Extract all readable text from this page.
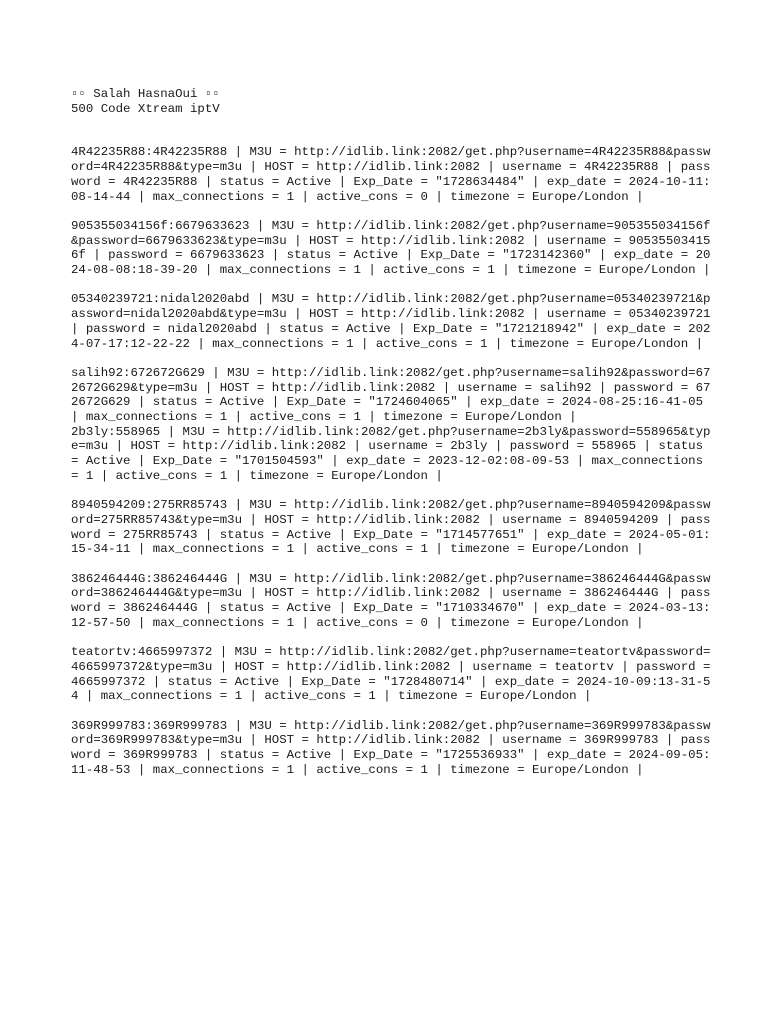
▫▫ Salah HasnaOui ▫▫
500 Code Xtream iptV

4R42235R88:4R42235R88 | M3U = http://idlib.link:2082/get.php?username=4R42235R88&password=4R42235R88&type=m3u | HOST = http://idlib.link:2082 | username = 4R42235R88 | password = 4R42235R88 | status = Active | Exp_Date = "1728634484" | exp_date = 2024-10-11:08-14-44 | max_connections = 1 | active_cons = 0 | timezone = Europe/London |

905355034156f:6679633623 | M3U = http://idlib.link:2082/get.php?username=905355034156f&password=6679633623&type=m3u | HOST = http://idlib.link:2082 | username = 905355034156f | password = 6679633623 | status = Active | Exp_Date = "1723142360" | exp_date = 2024-08-08:18-39-20 | max_connections = 1 | active_cons = 1 | timezone = Europe/London |

05340239721:nidal2020abd | M3U = http://idlib.link:2082/get.php?username=05340239721&password=nidal2020abd&type=m3u | HOST = http://idlib.link:2082 | username = 05340239721 | password = nidal2020abd | status = Active | Exp_Date = "1721218942" | exp_date = 2024-07-17:12-22-22 | max_connections = 1 | active_cons = 1 | timezone = Europe/London |

salih92:672672G629 | M3U = http://idlib.link:2082/get.php?username=salih92&password=672672G629&type=m3u | HOST = http://idlib.link:2082 | username = salih92 | password = 672672G629 | status = Active | Exp_Date = "1724604065" | exp_date = 2024-08-25:16-41-05 | max_connections = 1 | active_cons = 1 | timezone = Europe/London |

2b3ly:558965 | M3U = http://idlib.link:2082/get.php?username=2b3ly&password=558965&type=m3u | HOST = http://idlib.link:2082 | username = 2b3ly | password = 558965 | status = Active | Exp_Date = "1701504593" | exp_date = 2023-12-02:08-09-53 | max_connections = 1 | active_cons = 1 | timezone = Europe/London |

8940594209:275RR85743 | M3U = http://idlib.link:2082/get.php?username=8940594209&password=275RR85743&type=m3u | HOST = http://idlib.link:2082 | username = 8940594209 | password = 275RR85743 | status = Active | Exp_Date = "1714577651" | exp_date = 2024-05-01:15-34-11 | max_connections = 1 | active_cons = 1 | timezone = Europe/London |

386246444G:386246444G | M3U = http://idlib.link:2082/get.php?username=386246444G&password=386246444G&type=m3u | HOST = http://idlib.link:2082 | username = 386246444G | password = 386246444G | status = Active | Exp_Date = "1710334670" | exp_date = 2024-03-13:12-57-50 | max_connections = 1 | active_cons = 0 | timezone = Europe/London |

teatortv:4665997372 | M3U = http://idlib.link:2082/get.php?username=teatortv&password=4665997372&type=m3u | HOST = http://idlib.link:2082 | username = teatortv | password = 4665997372 | status = Active | Exp_Date = "1728480714" | exp_date = 2024-10-09:13-31-54 | max_connections = 1 | active_cons = 1 | timezone = Europe/London |

369R999783:369R999783 | M3U = http://idlib.link:2082/get.php?username=369R999783&password=369R999783&type=m3u | HOST = http://idlib.link:2082 | username = 369R999783 | password = 369R999783 | status = Active | Exp_Date = "1725536933" | exp_date = 2024-09-05:11-48-53 | max_connections = 1 | active_cons = 1 | timezone = Europe/London |
